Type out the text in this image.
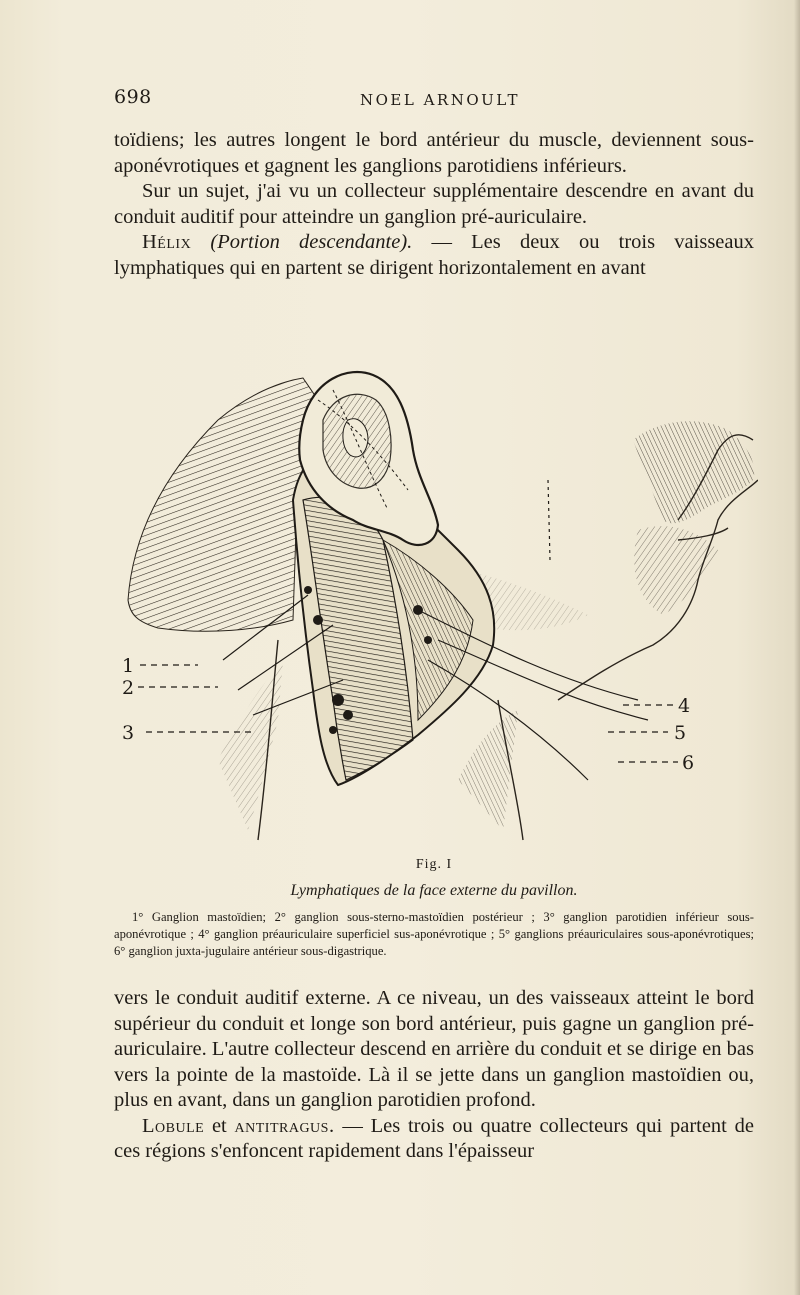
698	NOEL ARNOULT

toïdiens; les autres longent le bord antérieur du muscle, deviennent sous-aponévrotiques et gagnent les ganglions parotidiens inférieurs.

Sur un sujet, j'ai vu un collecteur supplémentaire descendre en avant du conduit auditif pour atteindre un ganglion pré-auriculaire.

Hélix (Portion descendante). — Les deux ou trois vaisseaux lymphatiques qui en partent se dirigent horizontalement en avant

1
2
3
4
5
6
Fig. I
Lymphatiques de la face externe du pavillon.

1° Ganglion mastoïdien; 2° ganglion sous-sterno-mastoïdien postérieur ; 3° ganglion parotidien inférieur sous-aponévrotique ; 4° ganglion préauriculaire superficiel sus-aponévrotique ; 5° ganglions préauriculaires sous-aponévrotiques; 6° ganglion juxta-jugulaire antérieur sous-digastrique.

vers le conduit auditif externe. A ce niveau, un des vaisseaux atteint le bord supérieur du conduit et longe son bord antérieur, puis gagne un ganglion pré-auriculaire. L'autre collecteur descend en arrière du conduit et se dirige en bas vers la pointe de la mastoïde. Là il se jette dans un ganglion mastoïdien ou, plus en avant, dans un ganglion parotidien profond.

Lobule et antitragus. — Les trois ou quatre collecteurs qui partent de ces régions s'enfoncent rapidement dans l'épaisseur
